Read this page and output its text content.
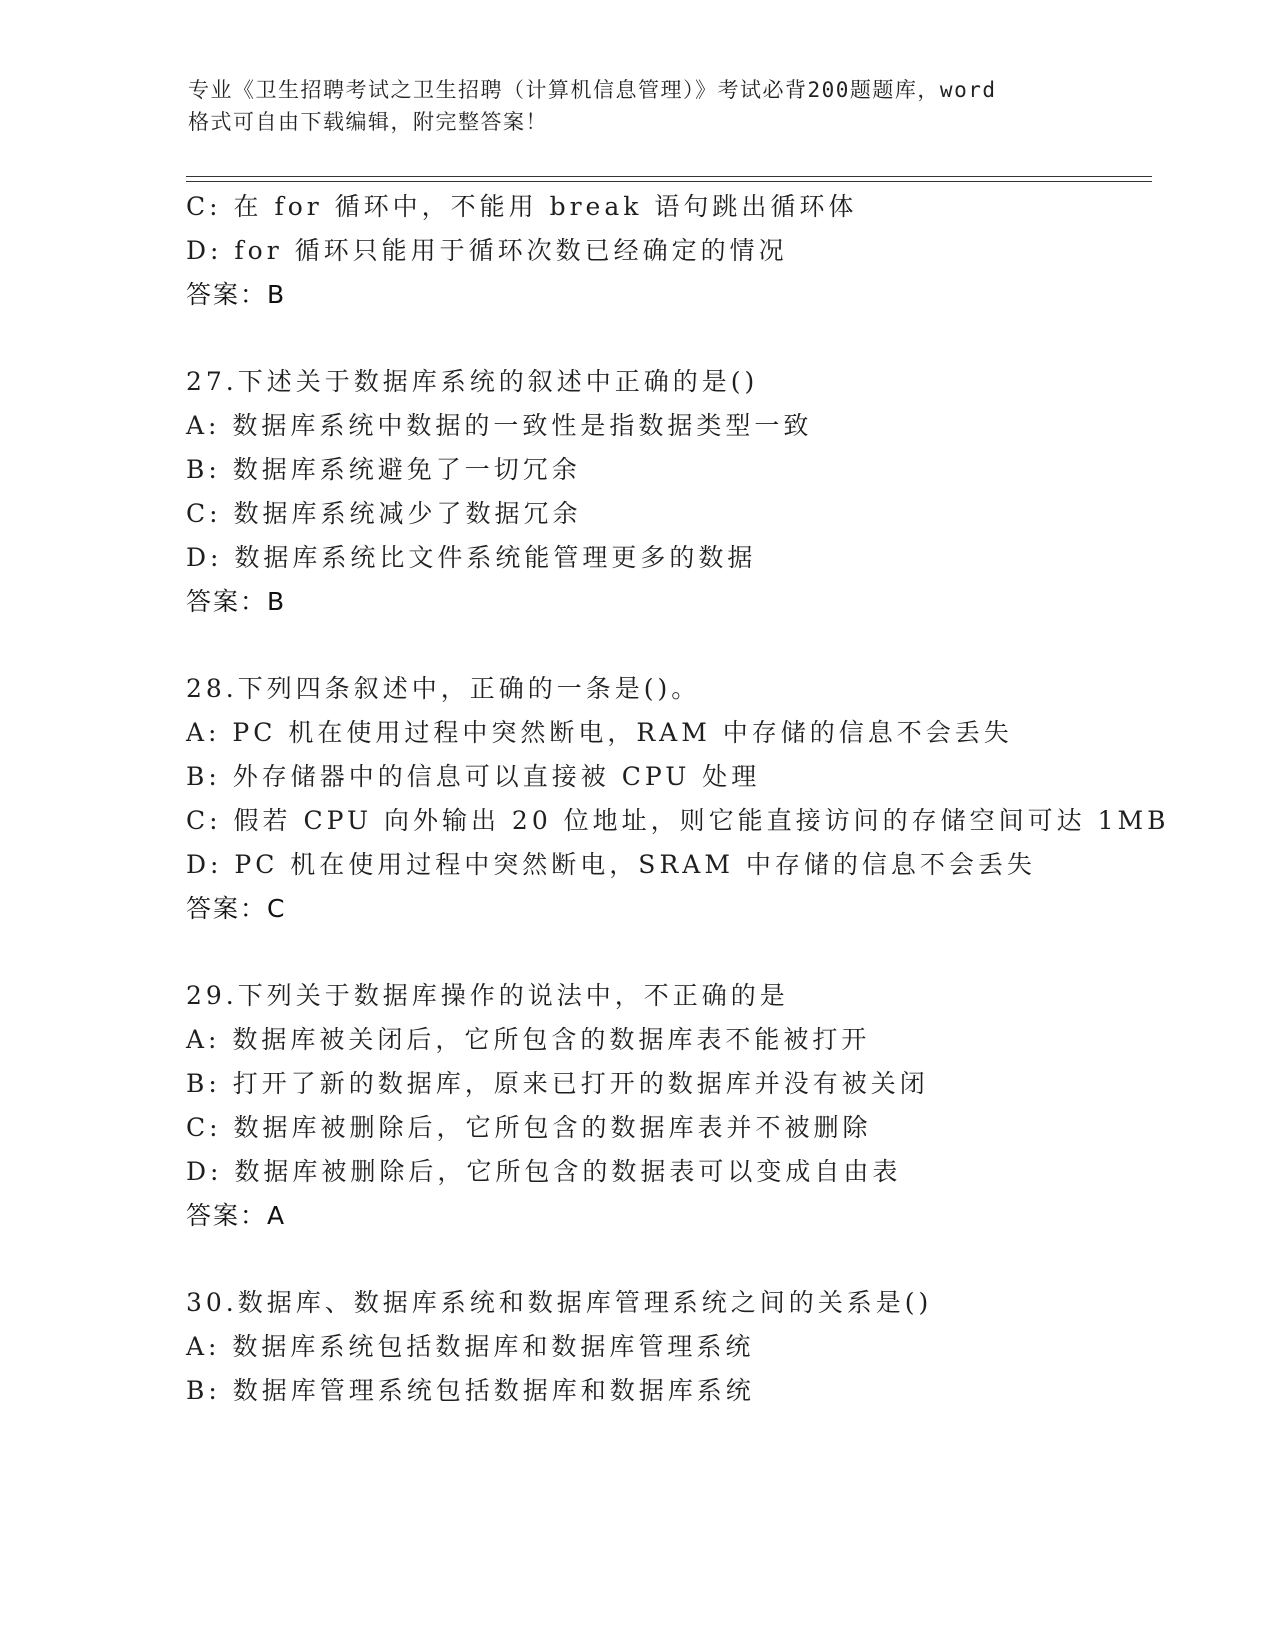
专业《卫生招聘考试之卫生招聘（计算机信息管理）》考试必背200题题库，word
格式可自由下载编辑，附完整答案！
C: 在 for 循环中，不能用 break 语句跳出循环体
D: for 循环只能用于循环次数已经确定的情况
答案：B
27.下述关于数据库系统的叙述中正确的是()
A: 数据库系统中数据的一致性是指数据类型一致
B: 数据库系统避免了一切冗余
C: 数据库系统减少了数据冗余
D: 数据库系统比文件系统能管理更多的数据
答案：B
28.下列四条叙述中，正确的一条是()。
A: PC 机在使用过程中突然断电，RAM 中存储的信息不会丢失
B: 外存储器中的信息可以直接被 CPU 处理
C: 假若 CPU 向外输出 20 位地址，则它能直接访问的存储空间可达 1MB
D: PC 机在使用过程中突然断电，SRAM 中存储的信息不会丢失
答案：C
29.下列关于数据库操作的说法中，不正确的是
A: 数据库被关闭后，它所包含的数据库表不能被打开
B: 打开了新的数据库，原来已打开的数据库并没有被关闭
C: 数据库被删除后，它所包含的数据库表并不被删除
D: 数据库被删除后，它所包含的数据表可以变成自由表
答案：A
30.数据库、数据库系统和数据库管理系统之间的关系是()
A: 数据库系统包括数据库和数据库管理系统
B: 数据库管理系统包括数据库和数据库系统
